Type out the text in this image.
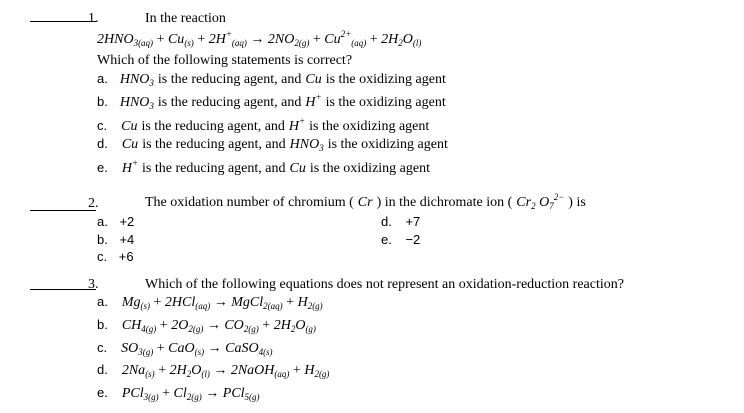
1.	In the reaction
$2HNO_{3(aq)} + Cu_{(s)} + 2H^+_{(aq)} \to 2NO_{2(g)} + Cu^{2+}_{(aq)} + 2H_2O_{(l)}$
Which of the following statements is correct?
a. $HNO_3$ is the reducing agent, and Cu is the oxidizing agent
b. $HNO_3$ is the reducing agent, and H+ is the oxidizing agent
c. Cu is the reducing agent, and H+ is the oxidizing agent
d. Cu is the reducing agent, and $HNO_3$ is the oxidizing agent
e. H+ is the reducing agent, and Cu is the oxidizing agent
2.	The oxidation number of chromium ( Cr ) in the dichromate ion ( $Cr_2$ $O_7^{2-}$ ) is
a. +2
b. +4
c. +6
d. +7
e. −2
3.	Which of the following equations does not represent an oxidation-reduction reaction?
a. $Mg_{(s)} + 2HCl_{(aq)}$ → MgCl$_{2(aq)}$ + $H_{2(g)}$
b. $CH_{4(g)} + 2O_{2(g)} \to CO_{2(g)} + 2H_2O_{(g)}$
c. $SO_{3(g)} + CaO_{(s)}$ → CaSO$_{4(s)}$
d. $2Na_{(s)} + 2H_2O_{(l)}$ → 2NaOH$_{(aq)}$ + $H_{2(g)}$
e. $PCl_{3(g)} + Cl_{2(g)} \to PCl_{5(g)}$
